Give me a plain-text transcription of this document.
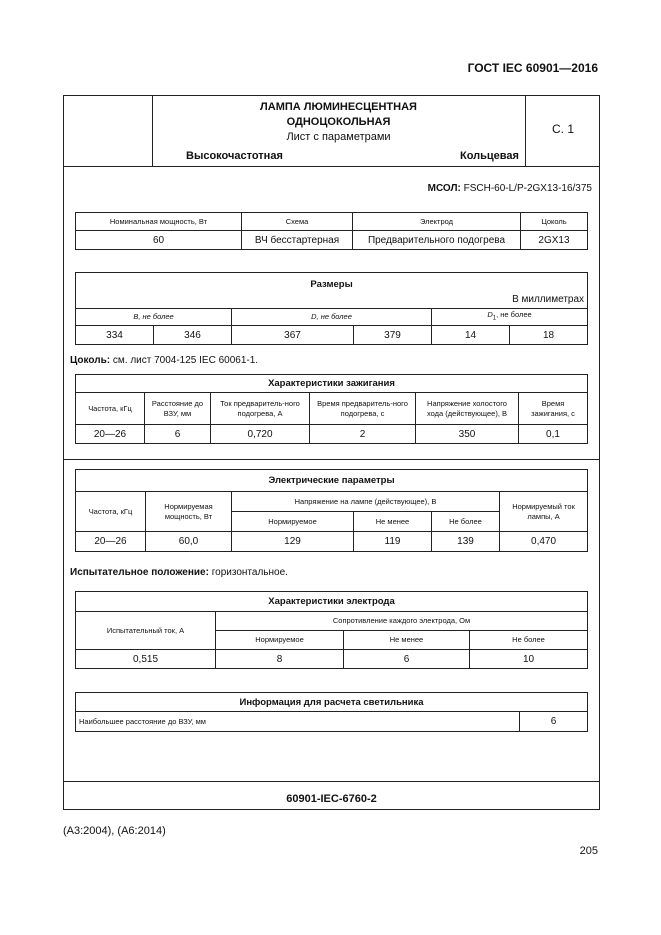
ГОСТ IEC 60901—2016
ЛАМПА ЛЮМИНЕСЦЕНТНАЯ
ОДНОЦОКОЛЬНАЯ
Лист с параметрами
Высокочастотная	Кольцевая
С. 1
60901-IEC-6760-2
МСОЛ: FSCH-60-L/P-2GX13-16/375
Номинальная мощность, Вт	Схема	Электрод	Цоколь
60	ВЧ бесстартерная	Предварительного подогрева	2GX13
Размеры
В миллиметрах					

B, не более		D, не более		$D_1$, не более	
334	346	367	379	14	18
Цоколь: см. лист 7004-125 IEC 60061-1.
Характеристики зажигания					
Частота, кГц	Расстояние до ВЗУ, мм	Ток предваритель-ного подогрева, А	Время предваритель-ного подогрева, с	Напряжение холостого хода (действующее), В	Время зажигания, с
20—26	6	0,720	2	350	0,1
Электрические параметры					
Частота, кГц	Нормируемая мощность, Вт	Напряжение на лампе (действующее), В			Нормируемый ток лампы, А
		Нормируемое	Не менее	Не более	
20—26	60,0	129	119	139	0,470
Испытательное положение: горизонтальное.
Характеристики электрода			
Испытательный ток, А	Сопротивление каждого электрода, Ом		
	Нормируемое	Не менее	Не более
0,515	8	6	10
Информация для расчета светильника
Наибольшее расстояние до ВЗУ, мм	6
(A3:2004), (A6:2014)
205
